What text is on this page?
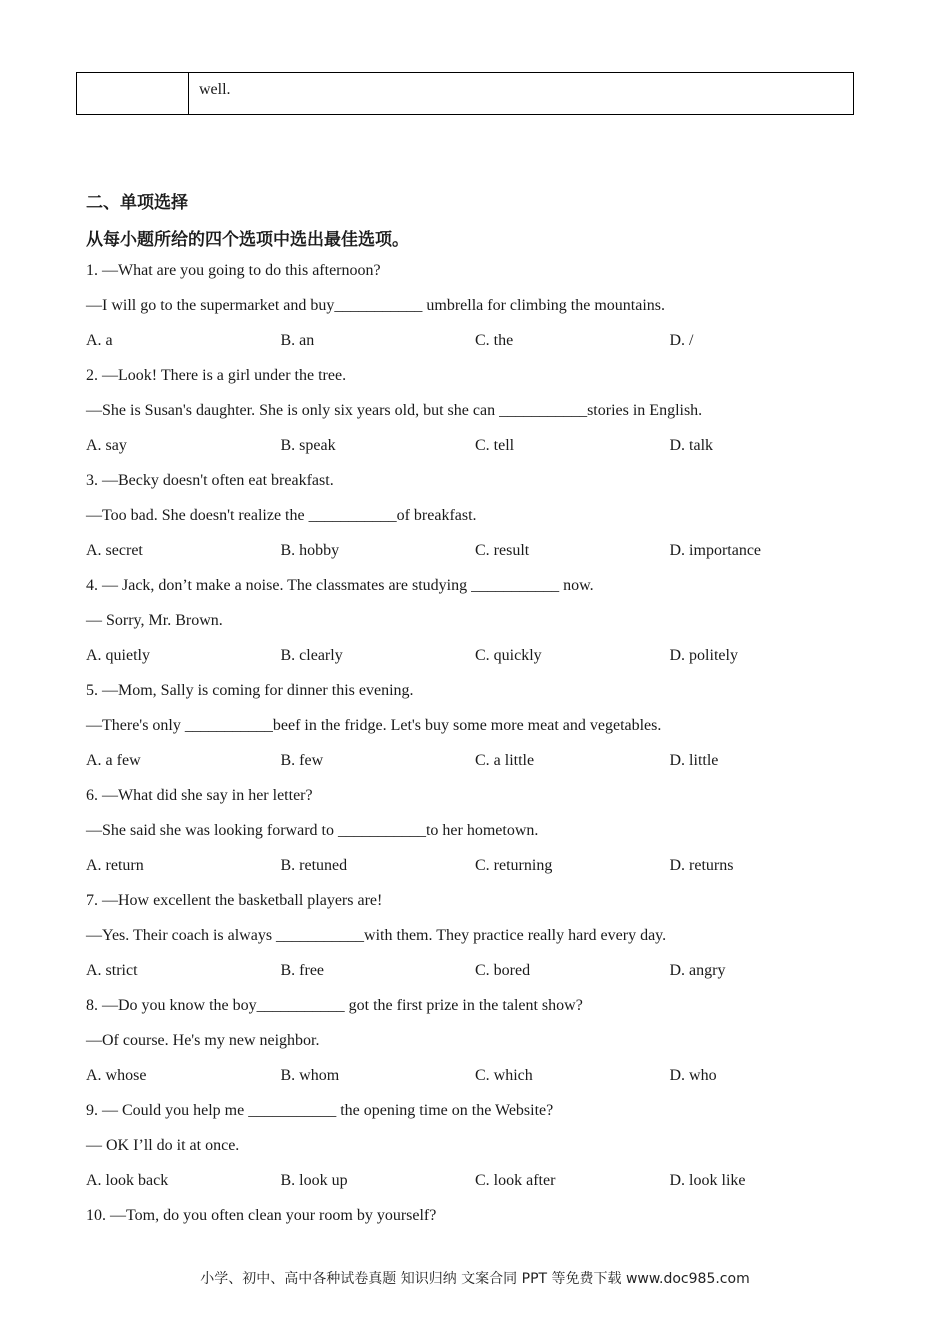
well.
二、单项选择
从每小题所给的四个选项中选出最佳选项。
1. —What are you going to do this afternoon?
—I will go to the supermarket and buy___________ umbrella for climbing the mountains.
A. a	B. an	C. the	D. /
2. —Look! There is a girl under the tree.
—She is Susan's daughter. She is only six years old, but she can ___________stories in English.
A. say	B. speak	C. tell	D. talk
3. —Becky doesn't often eat breakfast.
—Too bad. She doesn't realize the ___________of breakfast.
A. secret	B. hobby	C. result	D. importance
4. — Jack, don’t make a noise. The classmates are studying ___________ now.
— Sorry, Mr. Brown.
A. quietly	B. clearly	C. quickly	D. politely
5. —Mom, Sally is coming for dinner this evening.
—There's only ___________beef in the fridge. Let's buy some more meat and vegetables.
A. a few	B. few	C. a little	D. little
6. —What did she say in her letter?
—She said she was looking forward to ___________to her hometown.
A. return	B. retuned	C. returning	D. returns
7. —How excellent the basketball players are!
—Yes. Their coach is always ___________with them. They practice really hard every day.
A. strict	B. free	C. bored	D. angry
8. —Do you know the boy___________ got the first prize in the talent show?
—Of course. He's my new neighbor.
A. whose	B. whom	C. which	D. who
9. — Could you help me ___________ the opening time on the Website?
— OK I’ll do it at once.
A. look back	B. look up	C. look after	D. look like
10. —Tom, do you often clean your room by yourself?
小学、初中、高中各种试卷真题 知识归纳 文案合同 PPT 等免费下载 www.doc985.com
